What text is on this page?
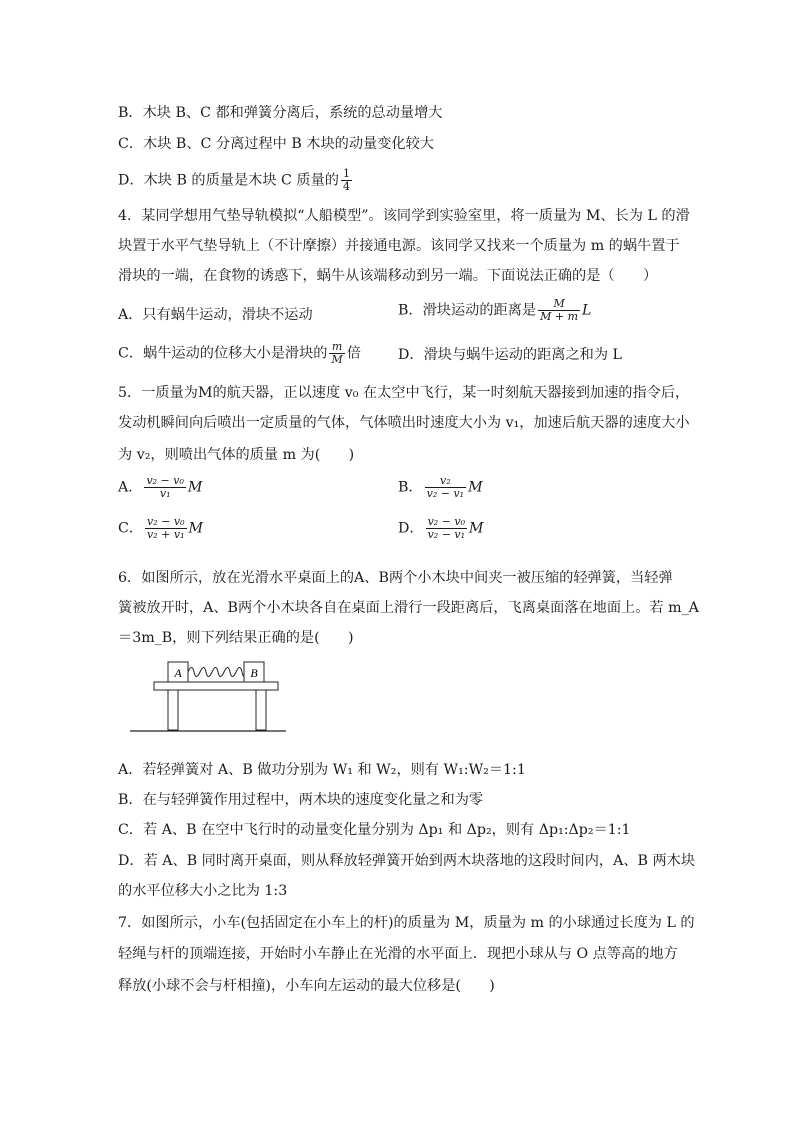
B．木块 B、C 都和弹簧分离后，系统的总动量增大
C．木块 B、C 分离过程中 B 木块的动量变化较大
D．木块 B 的质量是木块 C 质量的 $\frac{1}{4}$
4．某同学想用气垫导轨模拟“人船模型”。该同学到实验室里，将一质量为 M、长为 L 的滑
块置于水平气垫导轨上（不计摩擦）并接通电源。该同学又找来一个质量为 m 的蜗牛置于
滑块的一端，在食物的诱惑下，蜗牛从该端移动到另一端。下面说法正确的是（　　）
A．只有蜗牛运动，滑块不运动	B．滑块运动的距离是 $\frac{M}{M + m}$ L
C．蜗牛运动的位移大小是滑块的 $\frac{m}{M}$ 倍	D．滑块与蜗牛运动的距离之和为 L
5．一质量为M的航天器，正以速度 v₀ 在太空中飞行，某一时刻航天器接到加速的指令后，
发动机瞬间向后喷出一定质量的气体，气体喷出时速度大小为 v₁，加速后航天器的速度大小
为 v₂，则喷出气体的质量 m 为(　　)
A． $\frac{\text{v₂ − v₀}}{\text{v₁}}$ M	B． $\frac{\text{v₂}}{\text{v₂ − v₁}}$ M
C． $\frac{\text{v₂ − v₀}}{\text{v₂ + v₁}}$ M	D． $\frac{\text{v₂ − v₀}}{\text{v₂ − v₁}}$ M
6．如图所示，放在光滑水平桌面上的A、B两个小木块中间夹一被压缩的轻弹簧，当轻弹
簧被放开时，A、B两个小木块各自在桌面上滑行一段距离后，飞离桌面落在地面上。若 m_A
＝3m_B，则下列结果正确的是(　　)
A	B
A．若轻弹簧对 A、B 做功分别为 W₁ 和 W₂，则有 W₁:W₂＝1:1
B．在与轻弹簧作用过程中，两木块的速度变化量之和为零
C．若 A、B 在空中飞行时的动量变化量分别为 Δp₁ 和 Δp₂，则有 Δp₁:Δp₂＝1:1
D．若 A、B 同时离开桌面，则从释放轻弹簧开始到两木块落地的这段时间内，A、B 两木块
的水平位移大小之比为 1:3
7．如图所示，小车(包括固定在小车上的杆)的质量为 M，质量为 m 的小球通过长度为 L 的
轻绳与杆的顶端连接，开始时小车静止在光滑的水平面上．现把小球从与 O 点等高的地方
释放(小球不会与杆相撞)，小车向左运动的最大位移是(　　)
